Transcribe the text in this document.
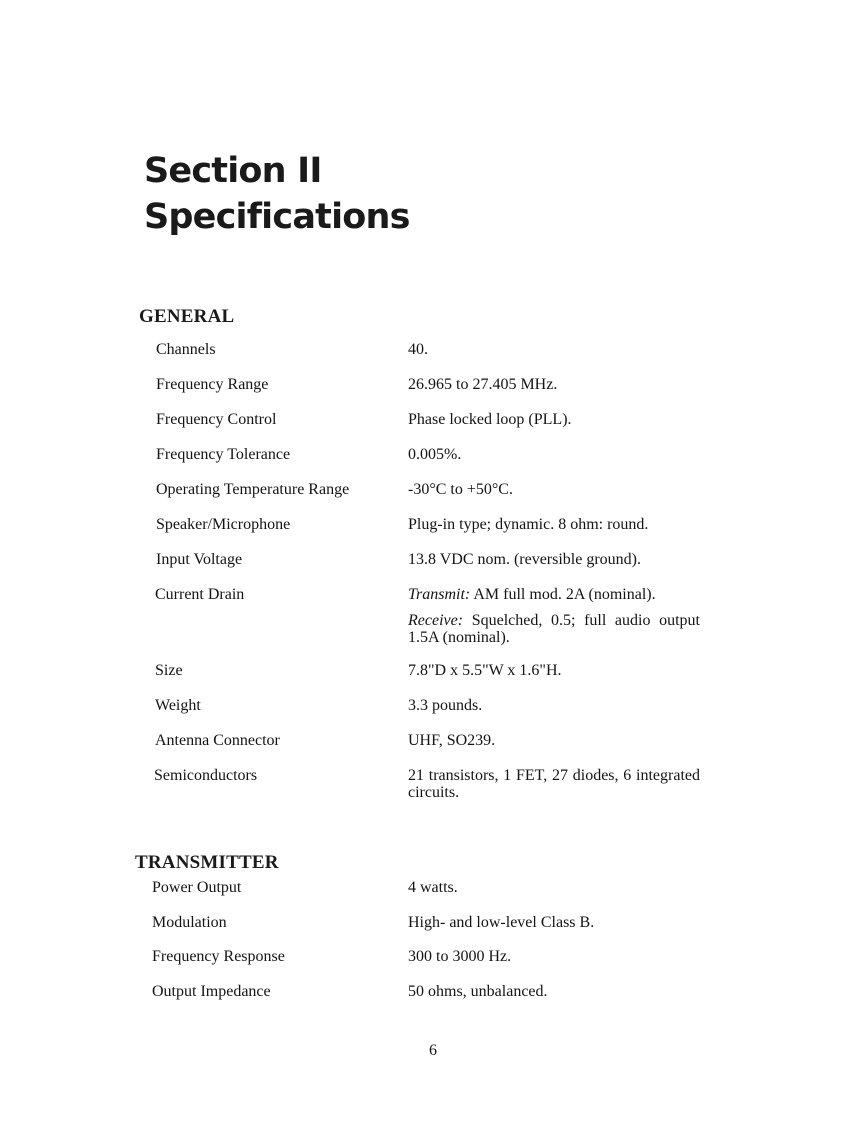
Section II
Specifications
GENERAL
Channels	40.
Frequency Range	26.965 to 27.405 MHz.
Frequency Control	Phase locked loop (PLL).
Frequency Tolerance	0.005%.
Operating Temperature Range	-30°C to +50°C.
Speaker/Microphone	Plug-in type; dynamic. 8 ohm: round.
Input Voltage	13.8 VDC nom. (reversible ground).
Current Drain	Transmit: AM full mod. 2A (nominal).
Receive: Squelched, 0.5; full audio output 1.5A (nominal).
Size	7.8"D x 5.5"W x 1.6"H.
Weight	3.3 pounds.
Antenna Connector	UHF, SO239.
Semiconductors	21 transistors, 1 FET, 27 diodes, 6 integrated circuits.
TRANSMITTER
Power Output	4 watts.
Modulation	High- and low-level Class B.
Frequency Response	300 to 3000 Hz.
Output Impedance	50 ohms, unbalanced.
6
